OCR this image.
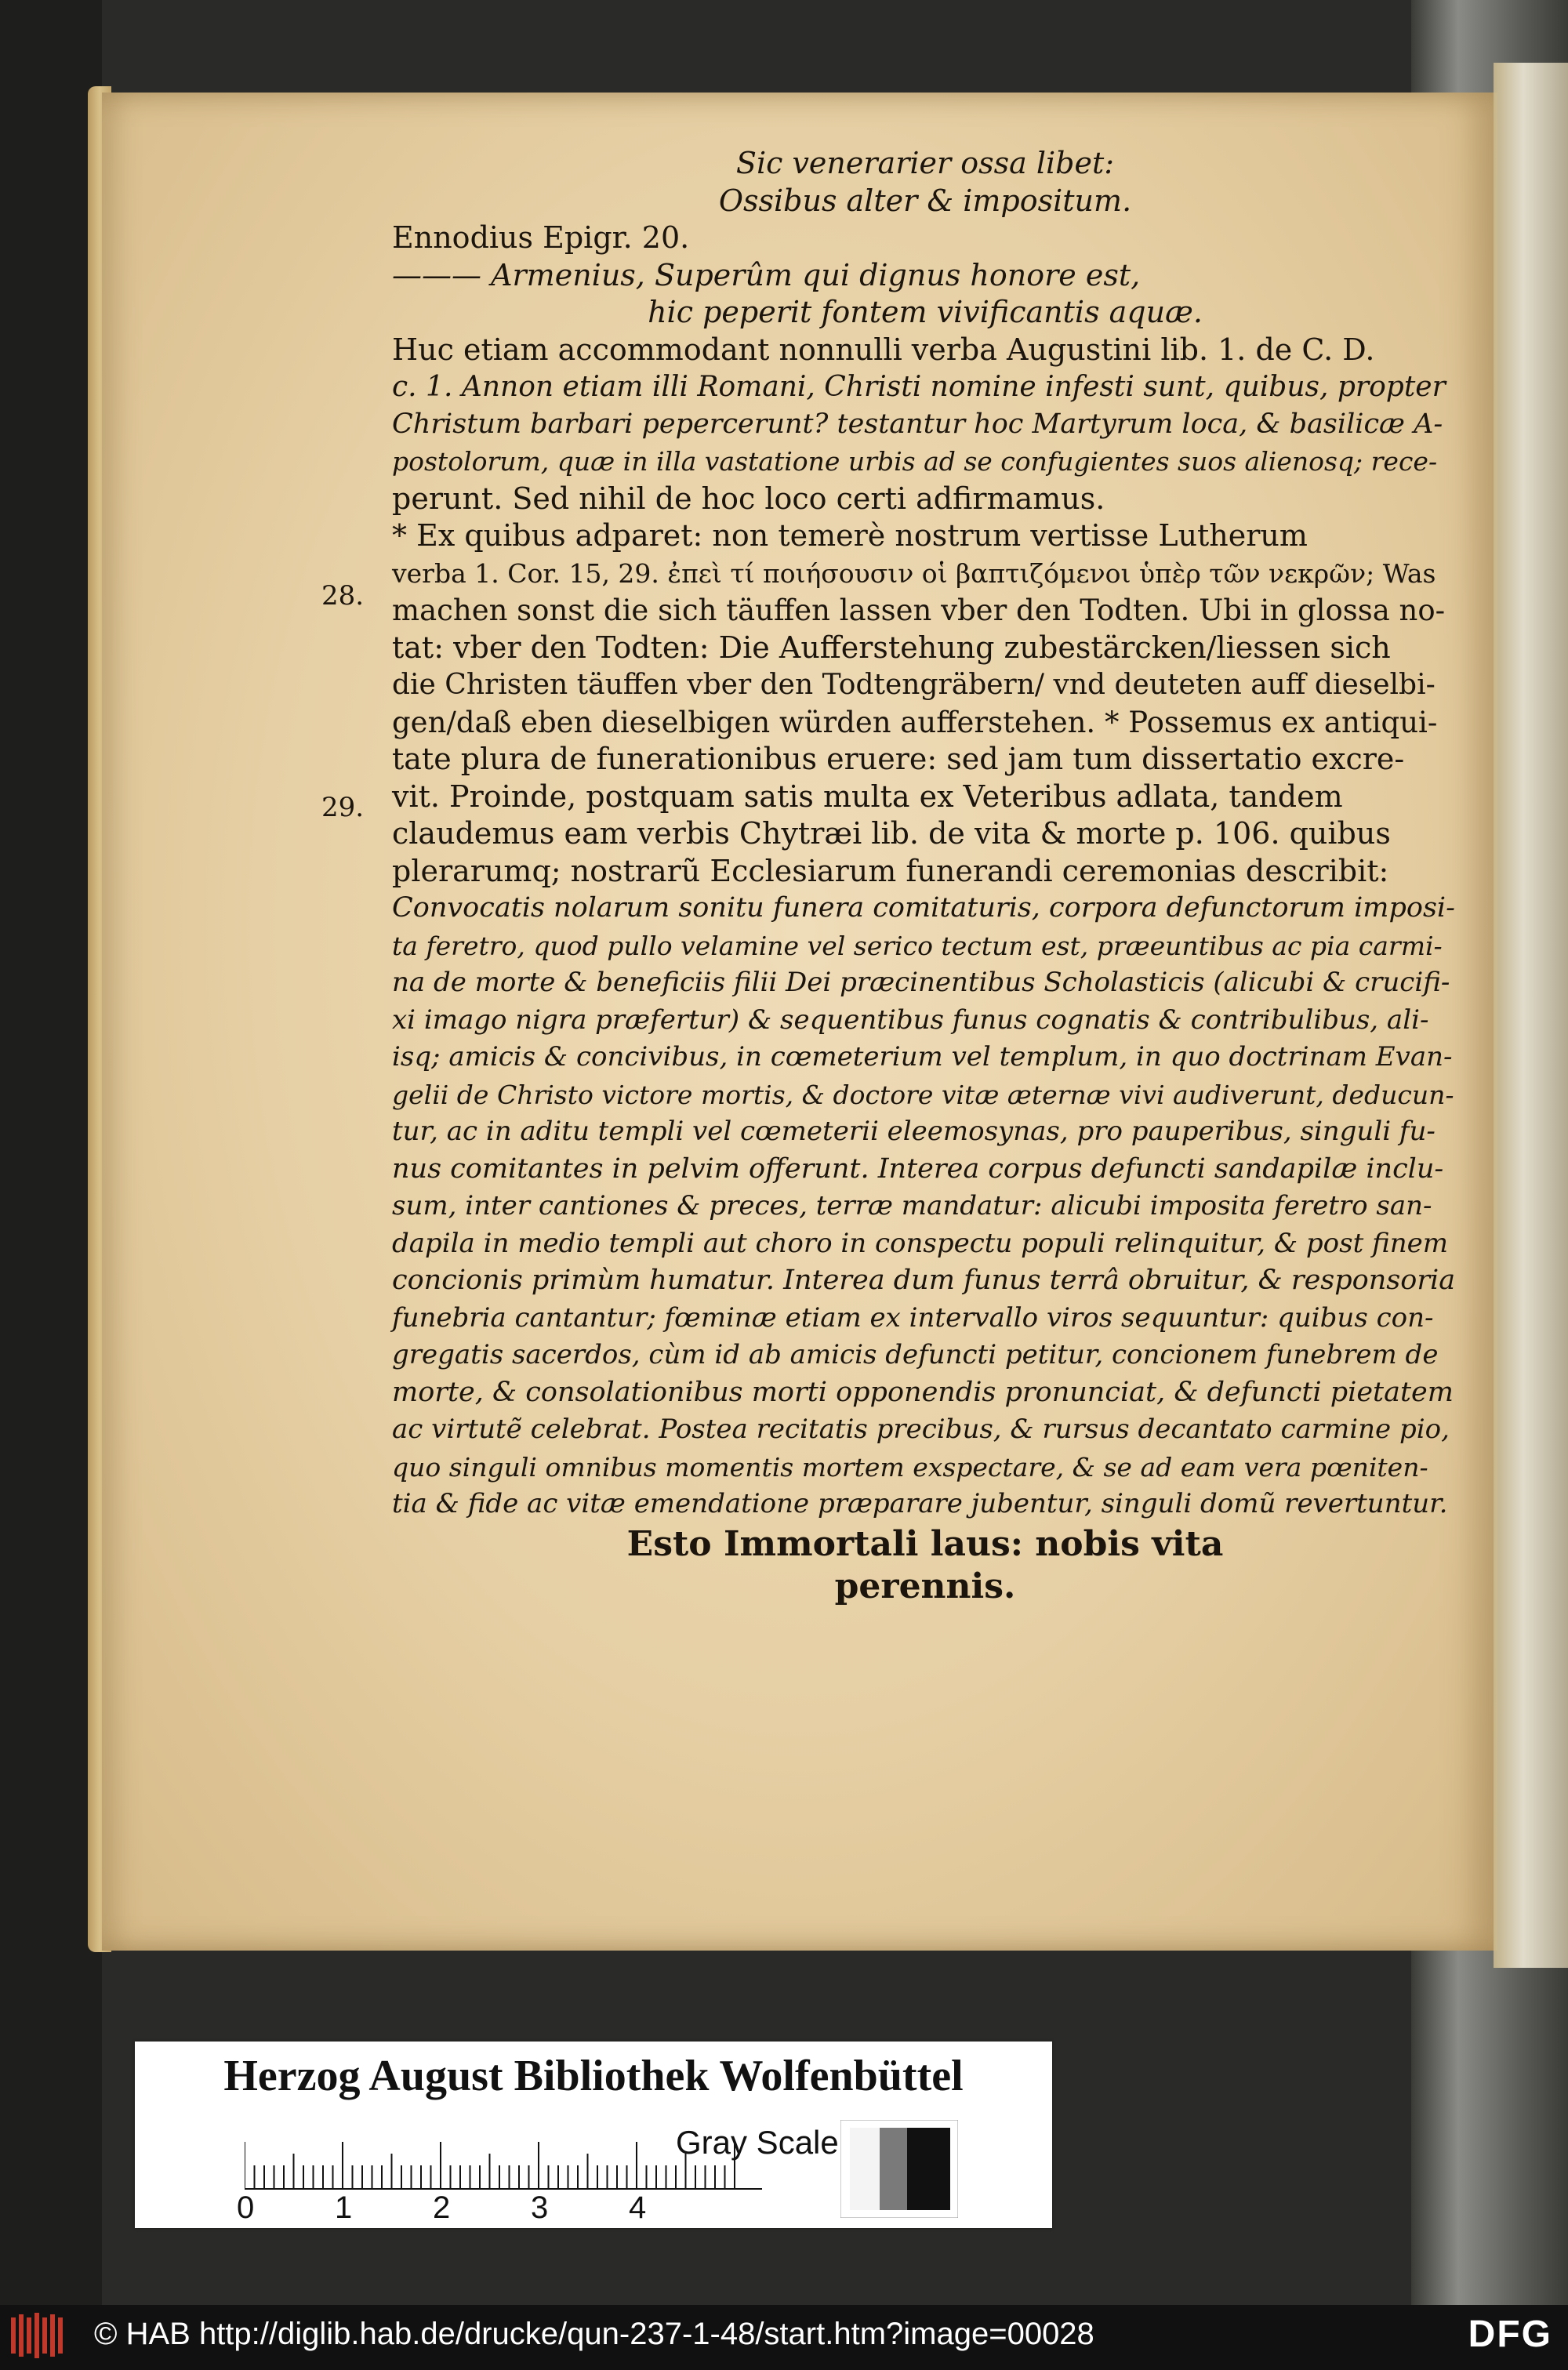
28.
29.
Sic venerarier ossa libet:
Ossibus alter & impositum.
Ennodius Epigr. 20.
——— Armenius, Superûm qui dignus honore est,
hic peperit fontem vivificantis aquæ.
Huc etiam accommodant nonnulli verba Augustini lib. 1. de C. D.
c. 1. Annon etiam illi Romani, Christi nomine infesti sunt, quibus, propter
Christum barbari pepercerunt? testantur hoc Martyrum loca, & basilicæ A-
postolorum, quæ in illa vastatione urbis ad se confugientes suos alienosq; rece-
perunt. Sed nihil de hoc loco certi adfirmamus.
* Ex quibus adparet: non temerè nostrum vertisse Lutherum
verba 1. Cor. 15, 29. ἐπεὶ τί ποιήσουσιν οἱ βαπτιζόμενοι ὑπὲρ τῶν νεκρῶν; Was
machen sonst die sich täuffen lassen vber den Todten. Ubi in glossa no-
tat: vber den Todten: Die Aufferstehung zubestärcken/liessen sich
die Christen täuffen vber den Todtengräbern/ vnd deuteten auff dieselbi-
gen/daß eben dieselbigen würden aufferstehen. * Possemus ex antiqui-
tate plura de funerationibus eruere: sed jam tum dissertatio excre-
vit. Proinde, postquam satis multa ex Veteribus adlata, tandem
claudemus eam verbis Chytræi lib. de vita & morte p. 106. quibus
plerarumq; nostrarũ Ecclesiarum funerandi ceremonias describit:
Convocatis nolarum sonitu funera comitaturis, corpora defunctorum imposi-
ta feretro, quod pullo velamine vel serico tectum est, præeuntibus ac pia carmi-
na de morte & beneficiis filii Dei præcinentibus Scholasticis (alicubi & crucifi-
xi imago nigra præfertur) & sequentibus funus cognatis & contribulibus, ali-
isq; amicis & concivibus, in cœmeterium vel templum, in quo doctrinam Evan-
gelii de Christo victore mortis, & doctore vitæ æternæ vivi audiverunt, deducun-
tur, ac in aditu templi vel cœmeterii eleemosynas, pro pauperibus, singuli fu-
nus comitantes in pelvim offerunt. Interea corpus defuncti sandapilæ inclu-
sum, inter cantiones & preces, terræ mandatur: alicubi imposita feretro san-
dapila in medio templi aut choro in conspectu populi relinquitur, & post finem
concionis primùm humatur. Interea dum funus terrâ obruitur, & responsoria
funebria cantantur; fœminæ etiam ex intervallo viros sequuntur: quibus con-
gregatis sacerdos, cùm id ab amicis defuncti petitur, concionem funebrem de
morte, & consolationibus morti opponendis pronunciat, & defuncti pietatem
ac virtutẽ celebrat. Postea recitatis precibus, & rursus decantato carmine pio,
quo singuli omnibus momentis mortem exspectare, & se ad eam vera pœniten-
tia & fide ac vitæ emendatione præparare jubentur, singuli domũ revertuntur.
Esto Immortali laus: nobis vita
perennis.
Herzog August Bibliothek Wolfenbüttel
0	1	2	3	4
Gray Scale
© HAB http://diglib.hab.de/drucke/qun-237-1-48/start.htm?image=00028	DFG
